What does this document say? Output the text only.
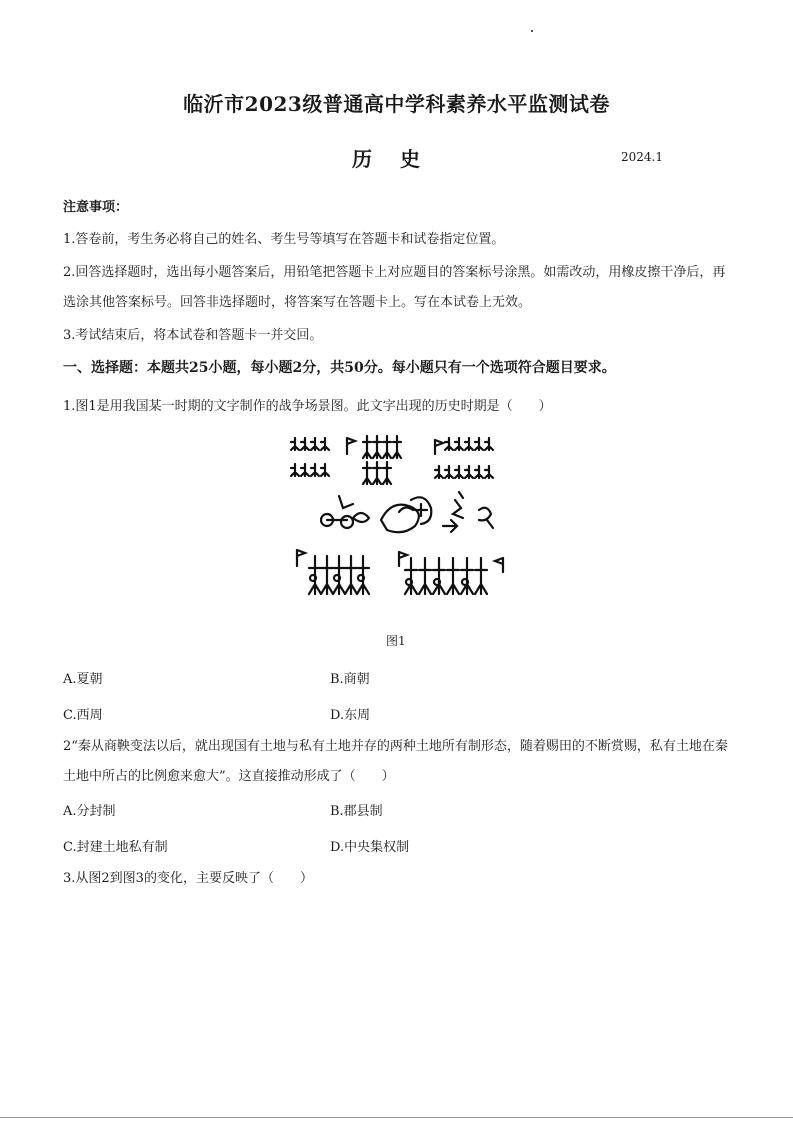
临沂市2023级普通高中学科素养水平监测试卷
历史	2024.1
注意事项：
1.答卷前，考生务必将自己的姓名、考生号等填写在答题卡和试卷指定位置。
2.回答选择题时，选出每小题答案后，用铅笔把答题卡上对应题目的答案标号涂黑。如需改动，用橡皮擦干净后，再选涂其他答案标号。回答非选择题时，将答案写在答题卡上。写在本试卷上无效。
3.考试结束后，将本试卷和答题卡一并交回。
一、选择题：本题共25小题，每小题2分，共50分。每小题只有一个选项符合题目要求。
1.图1是用我国某一时期的文字制作的战争场景图。此文字出现的历史时期是（　　）
图1
A.夏朝	B.商朝
C.西周	D.东周
2“秦从商鞅变法以后，就出现国有土地与私有土地并存的两种土地所有制形态，随着赐田的不断赏赐，私有土地在秦土地中所占的比例愈来愈大”。这直接推动形成了（　　）
A.分封制	B.郡县制
C.封建土地私有制	D.中央集权制
3.从图2到图3的变化，主要反映了（　　）
